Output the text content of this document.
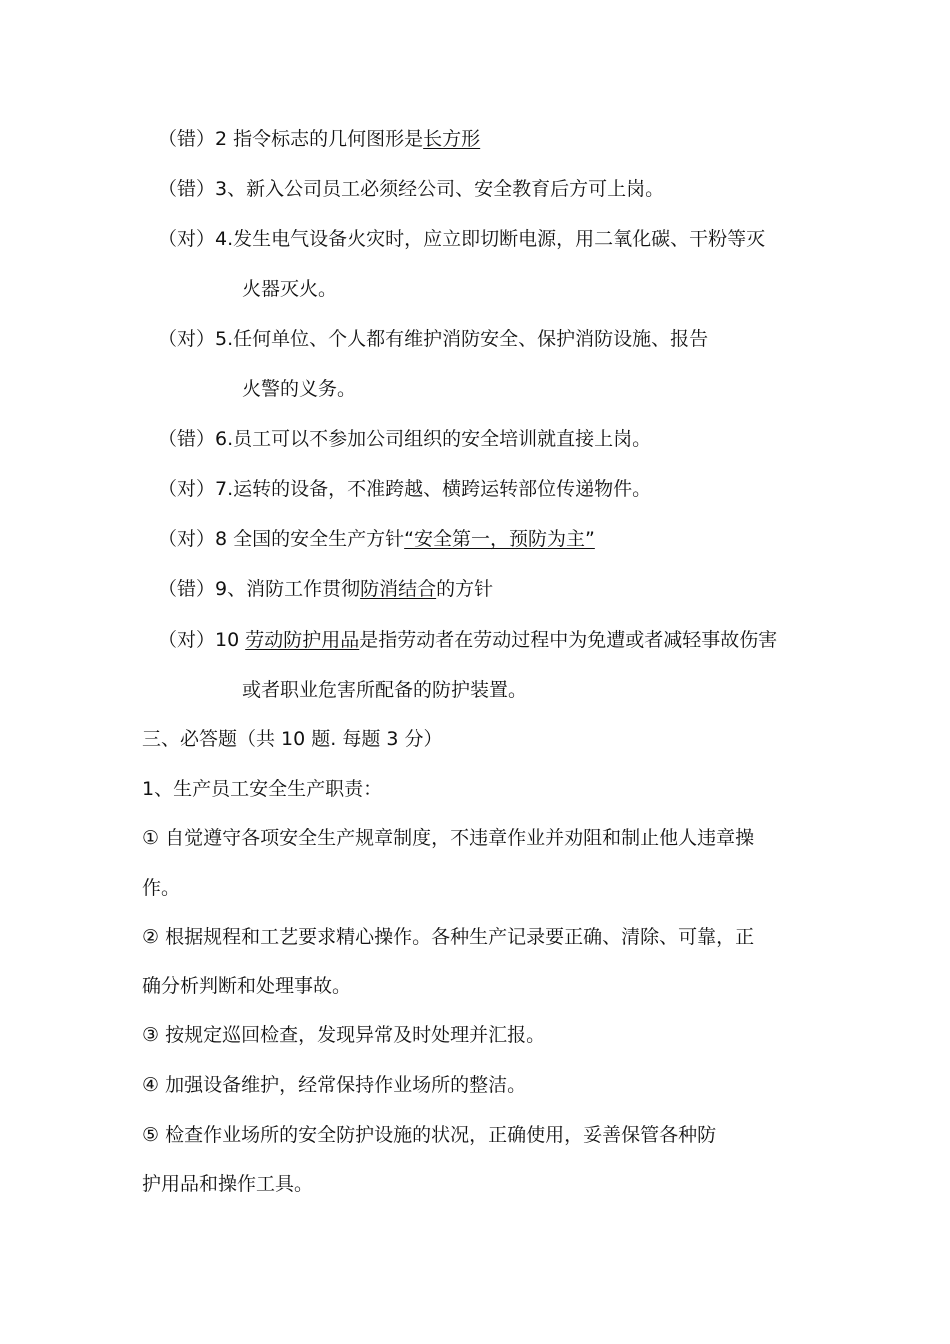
（错）2 指令标志的几何图形是长方形
（错）3、新入公司员工必须经公司、安全教育后方可上岗。
（对）4.发生电气设备火灾时，应立即切断电源，用二氧化碳、干粉等灭
火器灭火。
（对）5.任何单位、个人都有维护消防安全、保护消防设施、报告
火警的义务。
（错）6.员工可以不参加公司组织的安全培训就直接上岗。
（对）7.运转的设备，不准跨越、横跨运转部位传递物件。
（对）8 全国的安全生产方针“安全第一，预防为主”
（错）9、消防工作贯彻防消结合的方针
（对）10 劳动防护用品是指劳动者在劳动过程中为免遭或者减轻事故伤害
或者职业危害所配备的防护装置。
三、必答题（共 10 题. 每题 3 分）
1、生产员工安全生产职责：
① 自觉遵守各项安全生产规章制度，不违章作业并劝阻和制止他人违章操
作。
② 根据规程和工艺要求精心操作。各种生产记录要正确、清除、可靠，正
确分析判断和处理事故。
③ 按规定巡回检查，发现异常及时处理并汇报。
④ 加强设备维护，经常保持作业场所的整洁。
⑤ 检查作业场所的安全防护设施的状况，正确使用，妥善保管各种防
护用品和操作工具。
